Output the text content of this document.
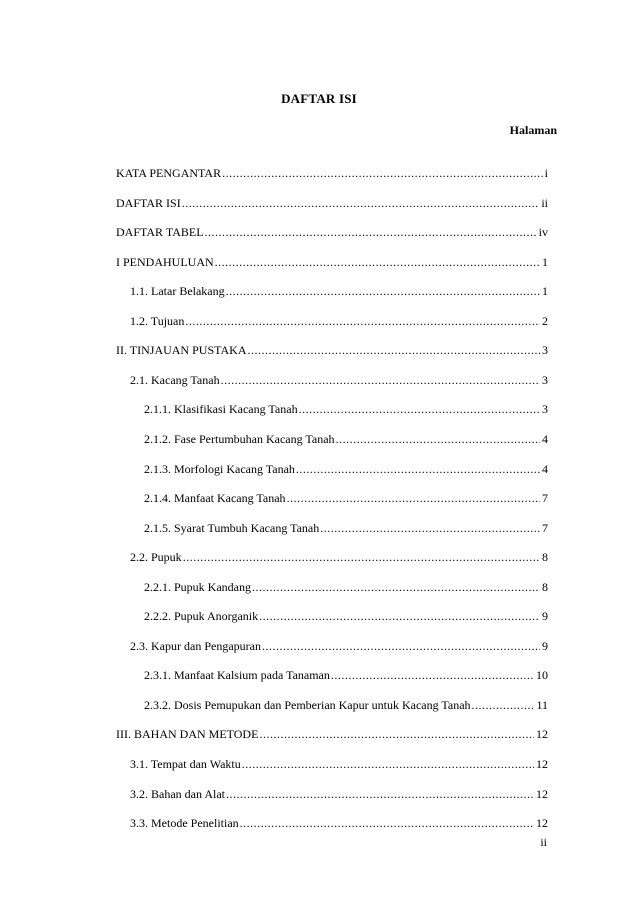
DAFTAR ISI
Halaman
KATA PENGANTAR .....	i
DAFTAR ISI .....	ii
DAFTAR TABEL .....	iv
I PENDAHULUAN .....	1
1.1. Latar Belakang .....	1
1.2. Tujuan .....	2
II. TINJAUAN PUSTAKA .....	3
2.1. Kacang Tanah .....	3
2.1.1. Klasifikasi Kacang Tanah .....	3
2.1.2. Fase Pertumbuhan Kacang Tanah .....	4
2.1.3. Morfologi Kacang Tanah .....	4
2.1.4. Manfaat Kacang Tanah .....	7
2.1.5. Syarat Tumbuh Kacang Tanah .....	7
2.2. Pupuk .....	8
2.2.1. Pupuk Kandang .....	8
2.2.2. Pupuk Anorganik .....	9
2.3. Kapur dan Pengapuran .....	9
2.3.1. Manfaat Kalsium pada Tanaman .....	10
2.3.2. Dosis Pemupukan dan Pemberian Kapur untuk Kacang Tanah .....	11
III. BAHAN DAN METODE .....	12
3.1. Tempat dan Waktu .....	12
3.2. Bahan dan Alat .....	12
3.3. Metode Penelitian .....	12
ii
